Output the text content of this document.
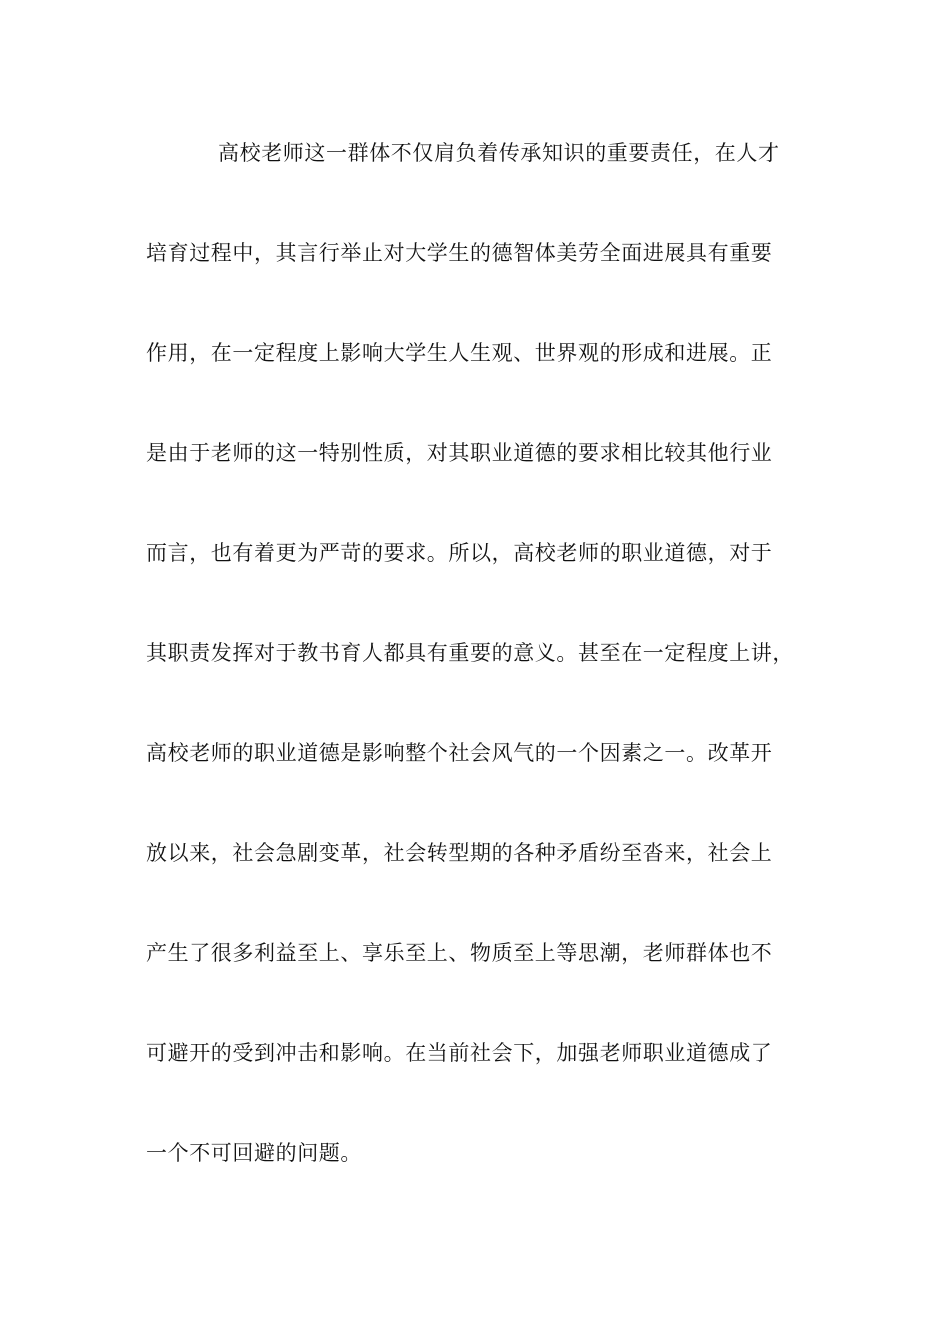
高校老师这一群体不仅肩负着传承知识的重要责任，在人才
培育过程中，其言行举止对大学生的德智体美劳全面进展具有重要
作用，在一定程度上影响大学生人生观、世界观的形成和进展。正
是由于老师的这一特别性质，对其职业道德的要求相比较其他行业
而言，也有着更为严苛的要求。所以，高校老师的职业道德，对于
其职责发挥对于教书育人都具有重要的意义。甚至在一定程度上讲，
高校老师的职业道德是影响整个社会风气的一个因素之一。改革开
放以来，社会急剧变革，社会转型期的各种矛盾纷至沓来，社会上
产生了很多利益至上、享乐至上、物质至上等思潮，老师群体也不
可避开的受到冲击和影响。在当前社会下，加强老师职业道德成了
一个不可回避的问题。
